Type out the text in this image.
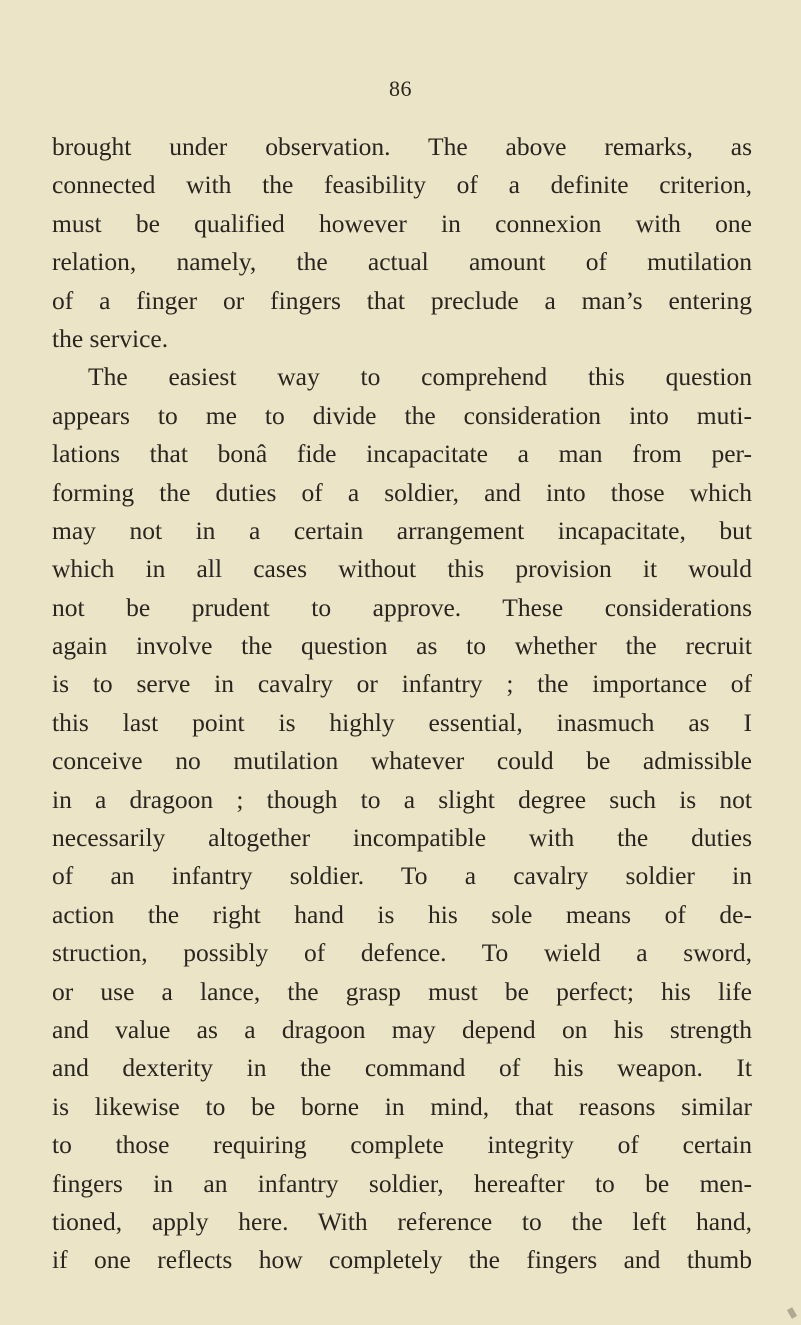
86
brought under observation. The above remarks, as
connected with the feasibility of a definite criterion,
must be qualified however in connexion with one
relation, namely, the actual amount of mutilation
of a finger or fingers that preclude a man’s entering
the service.
The easiest way to comprehend this question
appears to me to divide the consideration into muti-
lations that bonâ fide incapacitate a man from per-
forming the duties of a soldier, and into those which
may not in a certain arrangement incapacitate, but
which in all cases without this provision it would
not be prudent to approve. These considerations
again involve the question as to whether the recruit
is to serve in cavalry or infantry ; the importance of
this last point is highly essential, inasmuch as I
conceive no mutilation whatever could be admissible
in a dragoon ; though to a slight degree such is not
necessarily altogether incompatible with the duties
of an infantry soldier. To a cavalry soldier in
action the right hand is his sole means of de-
struction, possibly of defence. To wield a sword,
or use a lance, the grasp must be perfect; his life
and value as a dragoon may depend on his strength
and dexterity in the command of his weapon. It
is likewise to be borne in mind, that reasons similar
to those requiring complete integrity of certain
fingers in an infantry soldier, hereafter to be men-
tioned, apply here. With reference to the left hand,
if one reflects how completely the fingers and thumb
